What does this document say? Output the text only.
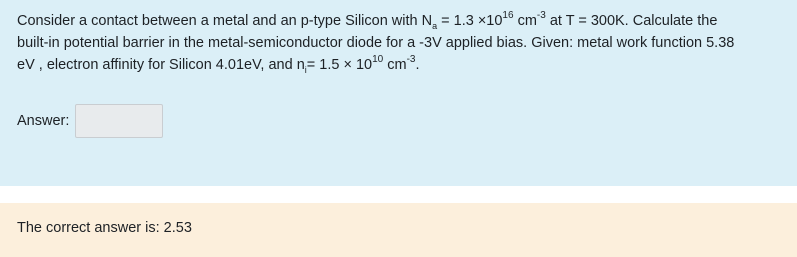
Consider a contact between a metal and an p-type Silicon with $N_a = 1.3 \times 10^{16}$ $cm^{-3}$ at T = 300K. Calculate the
built-in potential barrier in the metal-semiconductor diode for a -3V applied bias. Given: metal work function 5.38
eV , electron affinity for Silicon 4.01eV, and $n_i= 1.5 \times 10^{10}$ $cm^{-3}$.
Answer:
The correct answer is: 2.53
